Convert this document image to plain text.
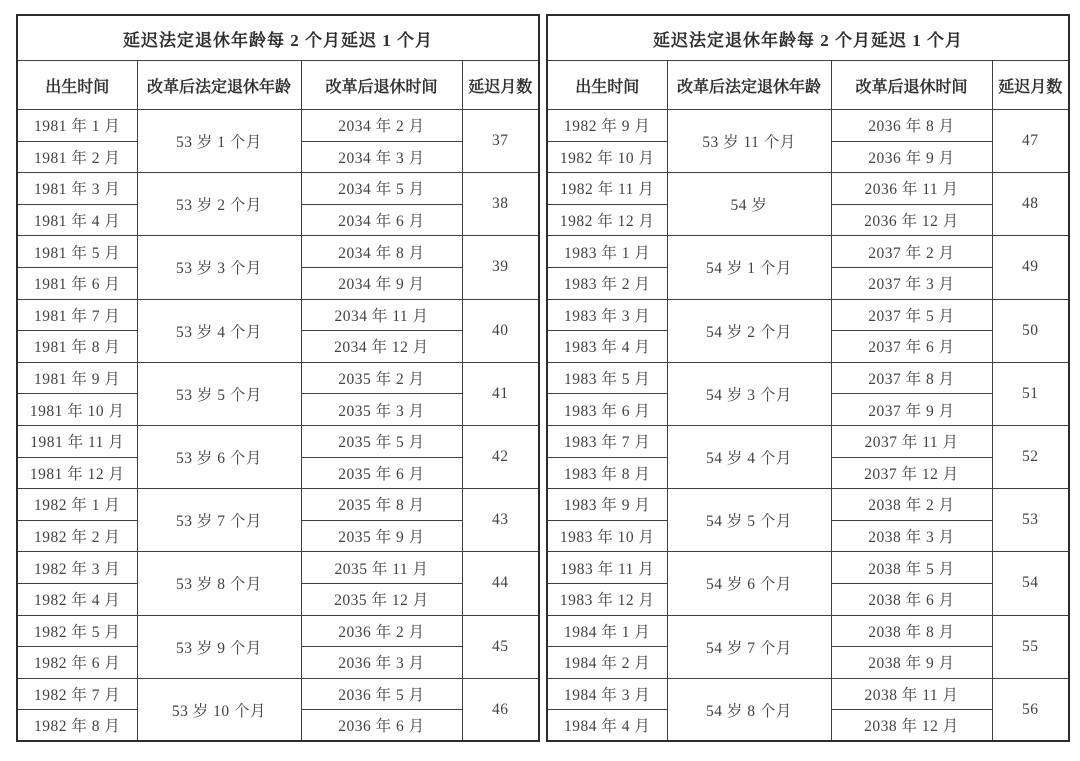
延迟法定退休年龄每 2 个月延迟 1 个月			
出生时间	改革后法定退休年龄	改革后退休时间	延迟月数
1981 年 1 月	53 岁 1 个月	2034 年 2 月	37
1981 年 2 月		2034 年 3 月	
1981 年 3 月	53 岁 2 个月	2034 年 5 月	38
1981 年 4 月		2034 年 6 月	
1981 年 5 月	53 岁 3 个月	2034 年 8 月	39
1981 年 6 月		2034 年 9 月	
1981 年 7 月	53 岁 4 个月	2034 年 11 月	40
1981 年 8 月		2034 年 12 月	
1981 年 9 月	53 岁 5 个月	2035 年 2 月	41
1981 年 10 月		2035 年 3 月	
1981 年 11 月	53 岁 6 个月	2035 年 5 月	42
1981 年 12 月		2035 年 6 月	
1982 年 1 月	53 岁 7 个月	2035 年 8 月	43
1982 年 2 月		2035 年 9 月	
1982 年 3 月	53 岁 8 个月	2035 年 11 月	44
1982 年 4 月		2035 年 12 月	
1982 年 5 月	53 岁 9 个月	2036 年 2 月	45
1982 年 6 月		2036 年 3 月	
1982 年 7 月	53 岁 10 个月	2036 年 5 月	46
1982 年 8 月		2036 年 6 月	
延迟法定退休年龄每 2 个月延迟 1 个月			
出生时间	改革后法定退休年龄	改革后退休时间	延迟月数
1982 年 9 月	53 岁 11 个月	2036 年 8 月	47
1982 年 10 月		2036 年 9 月	
1982 年 11 月	54 岁	2036 年 11 月	48
1982 年 12 月		2036 年 12 月	
1983 年 1 月	54 岁 1 个月	2037 年 2 月	49
1983 年 2 月		2037 年 3 月	
1983 年 3 月	54 岁 2 个月	2037 年 5 月	50
1983 年 4 月		2037 年 6 月	
1983 年 5 月	54 岁 3 个月	2037 年 8 月	51
1983 年 6 月		2037 年 9 月	
1983 年 7 月	54 岁 4 个月	2037 年 11 月	52
1983 年 8 月		2037 年 12 月	
1983 年 9 月	54 岁 5 个月	2038 年 2 月	53
1983 年 10 月		2038 年 3 月	
1983 年 11 月	54 岁 6 个月	2038 年 5 月	54
1983 年 12 月		2038 年 6 月	
1984 年 1 月	54 岁 7 个月	2038 年 8 月	55
1984 年 2 月		2038 年 9 月	
1984 年 3 月	54 岁 8 个月	2038 年 11 月	56
1984 年 4 月		2038 年 12 月	
